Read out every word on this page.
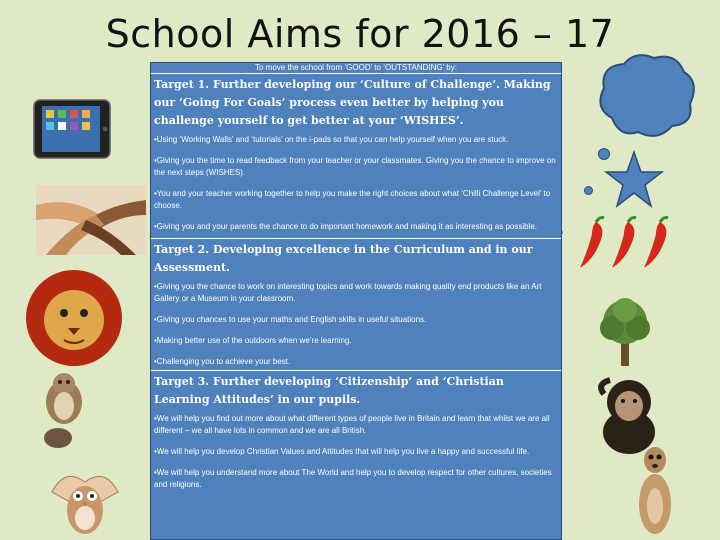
School Aims for 2016 – 17
To move the school from ‘GOOD’ to ‘OUTSTANDING’ by:
Target 1. Further developing our ‘Culture of Challenge’. Making our ‘Going For Goals’ process even better by helping you challenge yourself to get better at your ‘WISHES’.
•Using ‘Working Walls’ and ‘tutorials’ on the i-pads so that you can help yourself when you are stuck.
•Giving you the time to read feedback from your teacher or your classmates. Giving you the chance to improve on the next steps (WISHES).
•You and your teacher working together to help you make the right choices about what ‘Chilli Challenge Level’ to choose.
•Giving you and your parents the chance to do important homework and making it as interesting as possible.
Target 2. Developing excellence in the Curriculum and in our Assessment.
•Giving you the chance to work on interesting topics and work towards making quality end products like an Art Gallery or a Museum in your classroom.
•Giving you chances to use your maths and English skills in useful situations.
•Making better use of the outdoors when we’re learning.
•Challenging you to achieve your best.
Target 3. Further developing ‘Citizenship’ and ‘Christian Learning Attitudes’ in our pupils.
•We will help you find out more about what different types of people live in Britain and learn that whilst we are all different – we all have lots in common and we are all British.
•We will help you develop Christian Values and Attitudes that will help you live a happy and successful life.
•We will help you understand more about The World and help you to develop respect for other cultures, societies and religions.
